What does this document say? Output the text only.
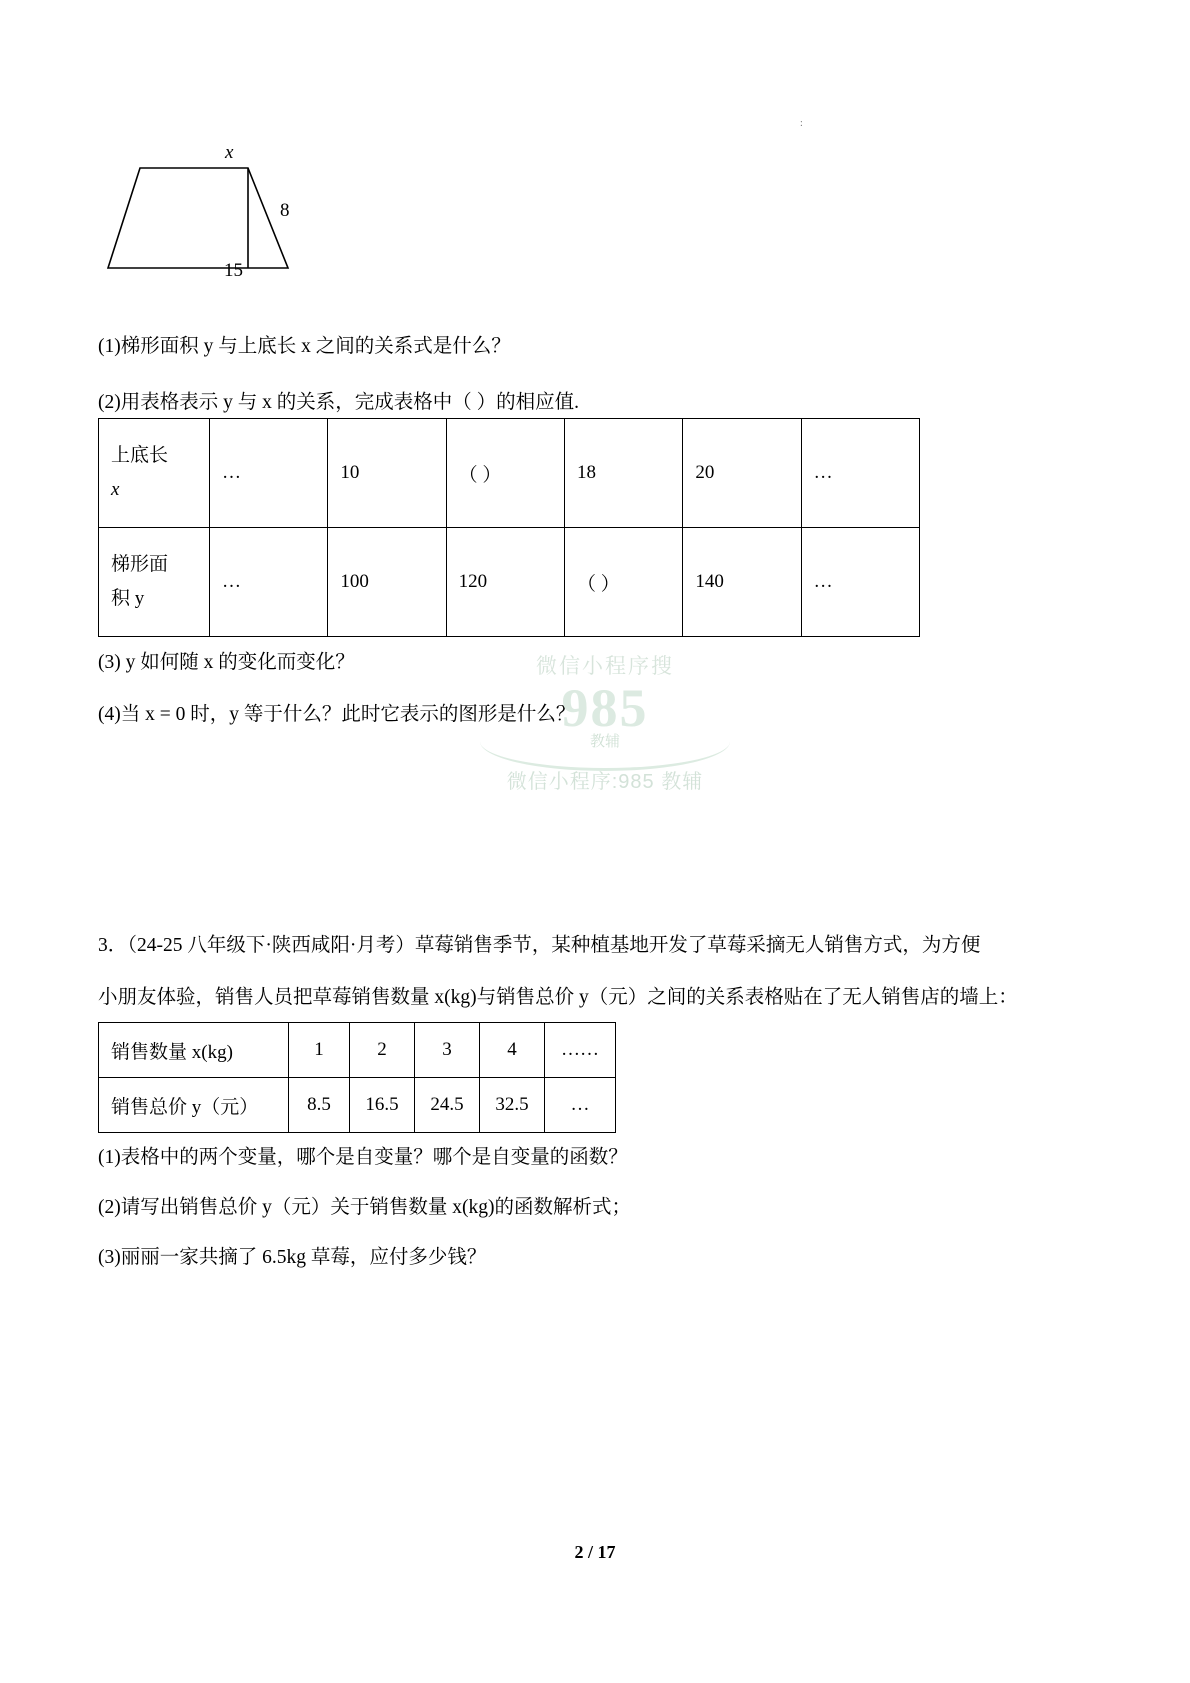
:
x
8
15
(1)梯形面积 y 与上底长 x 之间的关系式是什么？
(2)用表格表示 y 与 x 的关系，完成表格中（ ）的相应值.
上底长
x	…	10	（ ）	18	20	…

梯形面
积 y	…	100	120	（ ）	140	…
(3) y 如何随 x 的变化而变化？
(4)当 x = 0 时，y 等于什么？此时它表示的图形是什么？
微信小程序搜
985
教辅
微信小程序:985 教辅
3．（24-25 八年级下·陕西咸阳·月考）草莓销售季节，某种植基地开发了草莓采摘无人销售方式，为方便
小朋友体验，销售人员把草莓销售数量 x(kg)与销售总价 y（元）之间的关系表格贴在了无人销售店的墙上：
销售数量 x(kg)	1	2	3	4	……
销售总价 y（元）	8.5	16.5	24.5	32.5	…
(1)表格中的两个变量，哪个是自变量？哪个是自变量的函数？
(2)请写出销售总价 y（元）关于销售数量 x(kg)的函数解析式；
(3)丽丽一家共摘了 6.5kg 草莓，应付多少钱？
2 / 17
